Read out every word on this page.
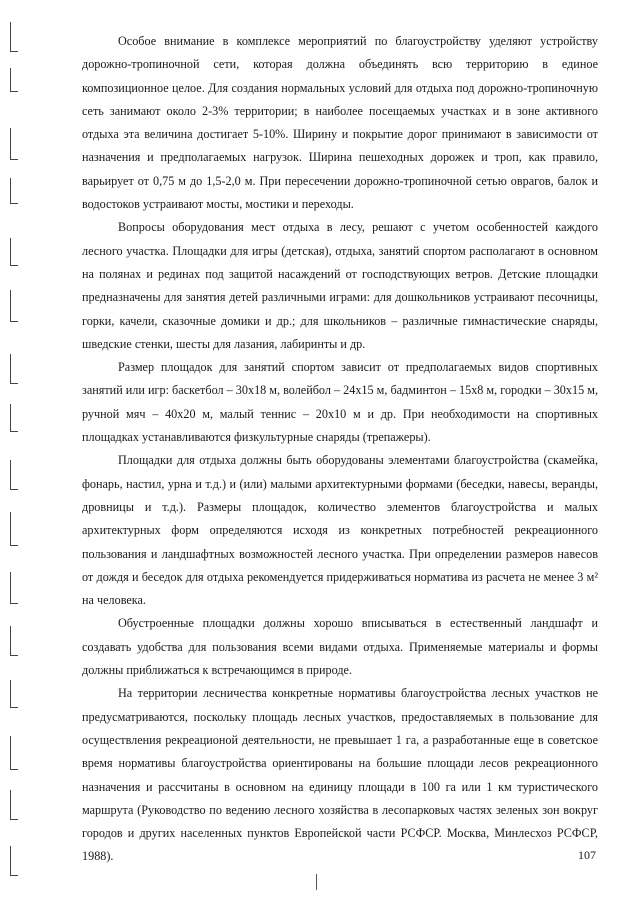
Особое внимание в комплексе мероприятий по благоустройству уделяют устройству дорожно-тропиночной сети, которая должна объединять всю территорию в единое композиционное целое. Для создания нормальных условий для отдыха под дорожно-тропиночную сеть занимают около 2-3% территории; в наиболее посещаемых участках и в зоне активного отдыха эта величина достигает 5-10%. Ширину и покрытие дорог принимают в зависимости от назначения и предполагаемых нагрузок. Ширина пешеходных дорожек и троп, как правило, варьирует от 0,75 м до 1,5-2,0 м. При пересечении дорожно-тропиночной сетью оврагов, балок и водостоков устраивают мосты, мостики и переходы.

Вопросы оборудования мест отдыха в лесу, решают с учетом особенностей каждого лесного участка. Площадки для игры (детская), отдыха, занятий спортом располагают в основном на полянах и рединах под защитой насаждений от господствующих ветров. Детские площадки предназначены для занятия детей различными играми: для дошкольников устраивают песочницы, горки, качели, сказочные домики и др.; для школьников – различные гимнастические снаряды, шведские стенки, шесты для лазания, лабиринты и др.

Размер площадок для занятий спортом зависит от предполагаемых видов спортивных занятий или игр: баскетбол – 30x18 м, волейбол – 24x15 м, бадминтон – 15x8 м, городки – 30x15 м, ручной мяч – 40x20 м, малый теннис – 20x10 м и др. При необходимости на спортивных площадках устанавливаются физкультурные снаряды (трепажеры).

Площадки для отдыха должны быть оборудованы элементами благоустройства (скамейка, фонарь, настил, урна и т.д.) и (или) малыми архитектурными формами (беседки, навесы, веранды, дровницы и т.д.). Размеры площадок, количество элементов благоустройства и малых архитектурных форм определяются исходя из конкретных потребностей рекреационного пользования и ландшафтных возможностей лесного участка. При определении размеров навесов от дождя и беседок для отдыха рекомендуется придерживаться норматива из расчета не менее 3 м² на человека.

Обустроенные площадки должны хорошо вписываться в естественный ландшафт и создавать удобства для пользования всеми видами отдыха. Применяемые материалы и формы должны приближаться к встречающимся в природе.

На территории лесничества конкретные нормативы благоустройства лесных участков не предусматриваются, поскольку площадь лесных участков, предоставляемых в пользование для осуществления рекреационой деятельности, не превышает 1 га, а разработанные еще в советское время нормативы благоустройства ориентированы на большие площади лесов рекреационного назначения и рассчитаны в основном на единицу площади в 100 га или 1 км туристического маршрута (Руководство по ведению лесного хозяйства в лесопарковых частях зеленых зон вокруг городов и других населенных пунктов Европейской части РСФСР. Москва, Минлесхоз РСФСР, 1988).	107
